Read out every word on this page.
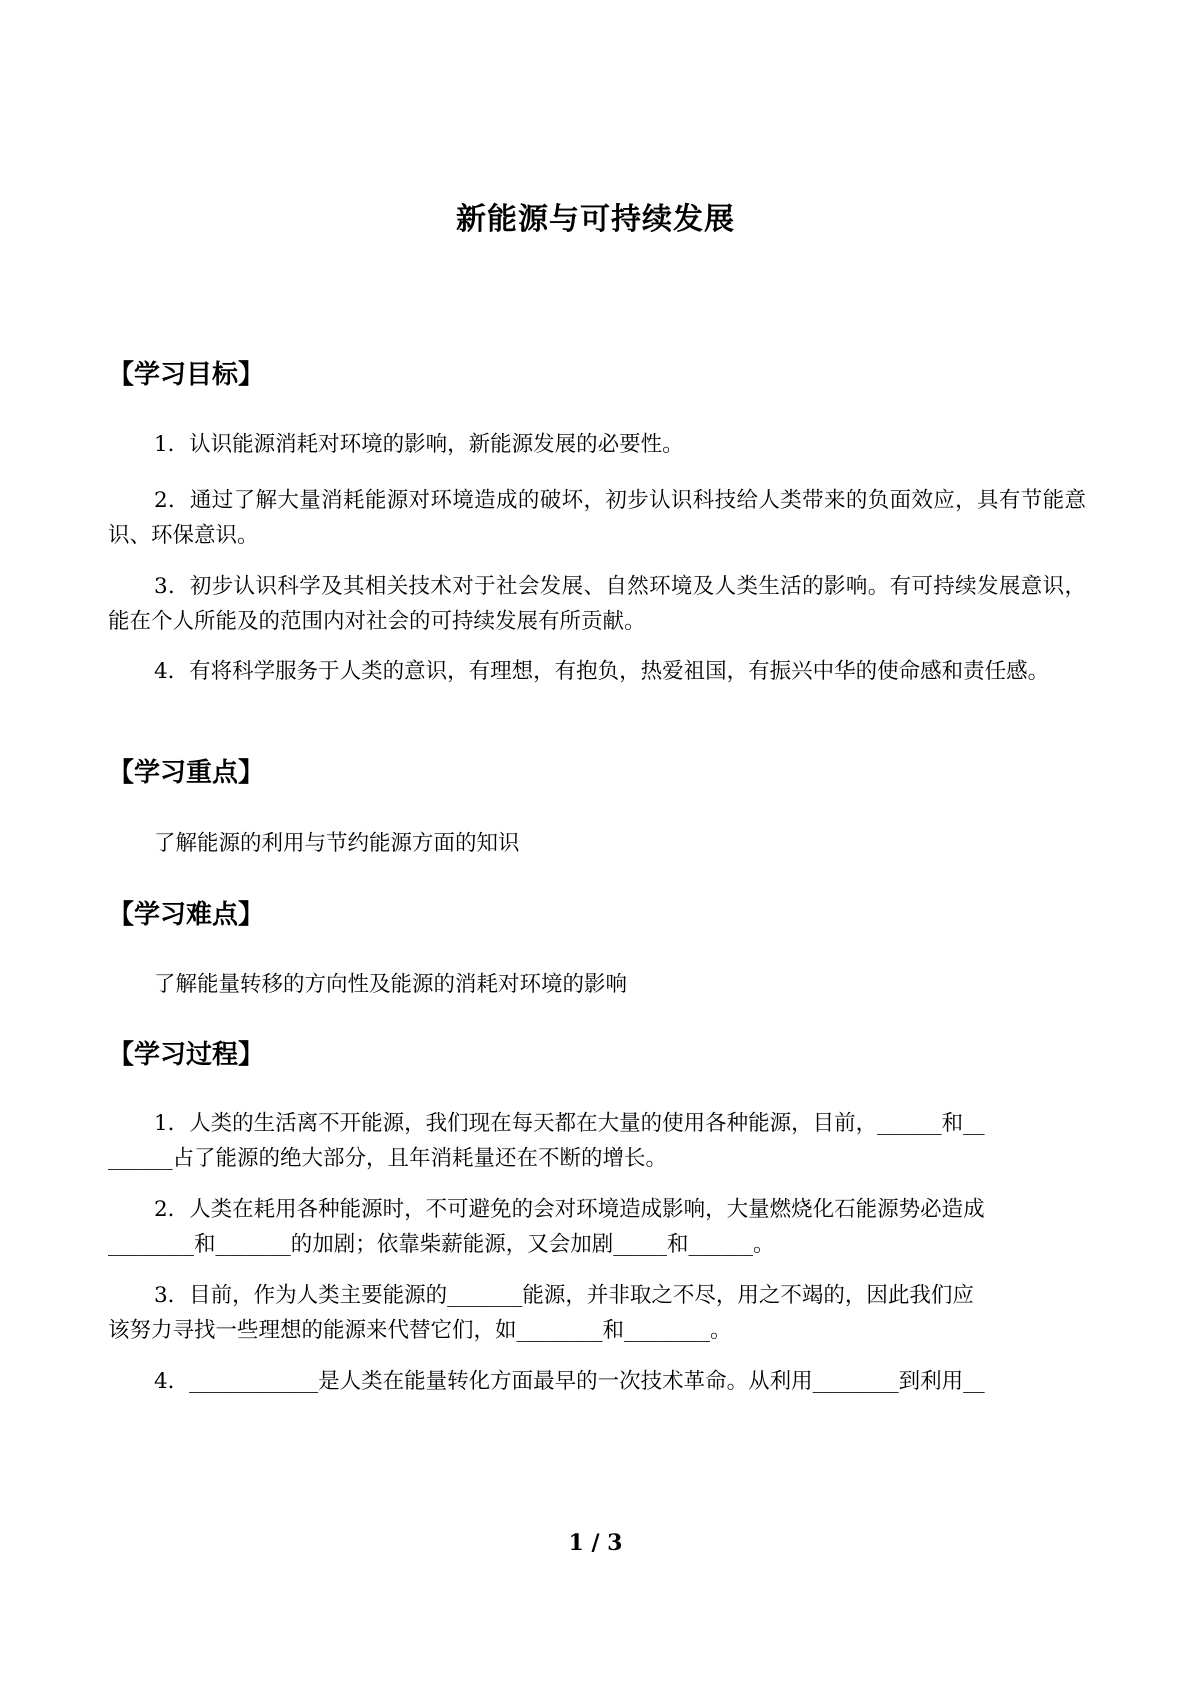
新能源与可持续发展
【学习目标】

1．认识能源消耗对环境的影响，新能源发展的必要性。

2．通过了解大量消耗能源对环境造成的破坏，初步认识科技给人类带来的负面效应，具有节能意识、环保意识。

3．初步认识科学及其相关技术对于社会发展、自然环境及人类生活的影响。有可持续发展意识，能在个人所能及的范围内对社会的可持续发展有所贡献。

4．有将科学服务于人类的意识，有理想，有抱负，热爱祖国，有振兴中华的使命感和责任感。

【学习重点】

了解能源的利用与节约能源方面的知识

【学习难点】

了解能量转移的方向性及能源的消耗对环境的影响

【学习过程】
1．人类的生活离不开能源，我们现在每天都在大量的使用各种能源，目前，______和__
______占了能源的绝大部分，且年消耗量还在不断的增长。
2．人类在耗用各种能源时，不可避免的会对环境造成影响，大量燃烧化石能源势必造成
________和_______的加剧；依靠柴薪能源，又会加剧_____和______。
3．目前，作为人类主要能源的_______能源，并非取之不尽，用之不竭的，因此我们应
该努力寻找一些理想的能源来代替它们，如________和________。
4．____________是人类在能量转化方面最早的一次技术革命。从利用________到利用__
1 / 3
